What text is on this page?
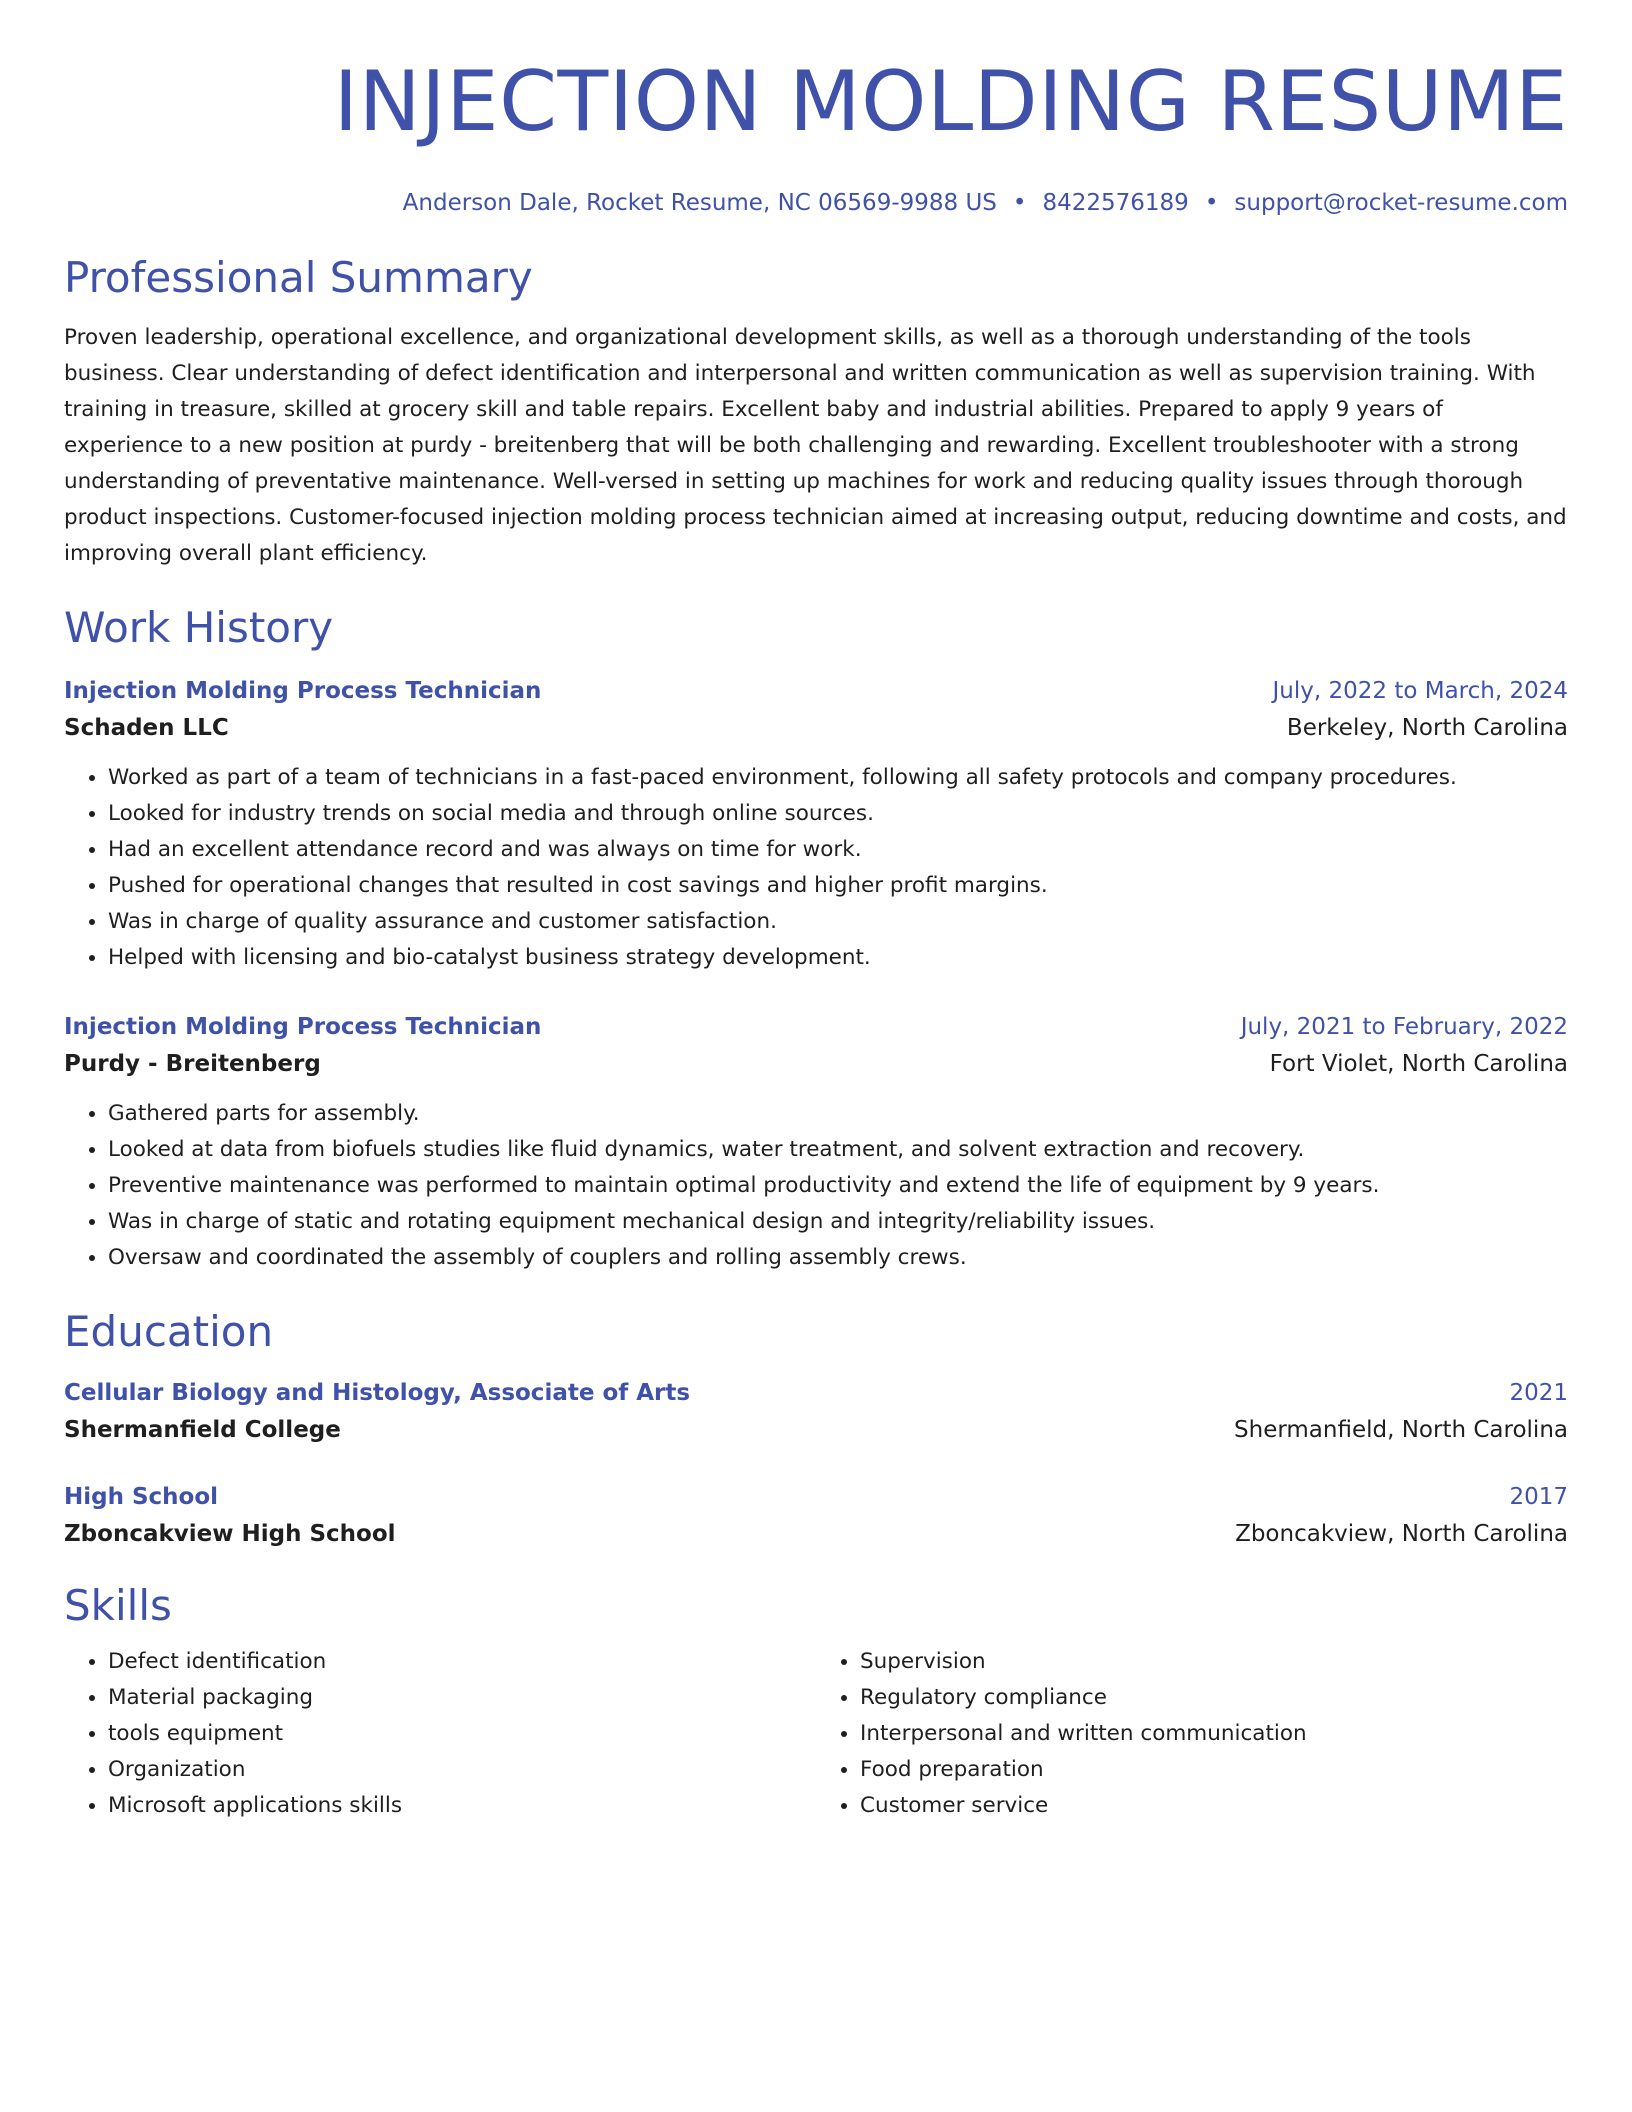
INJECTION MOLDING RESUME
Anderson Dale, Rocket Resume, NC 06569-9988 US • 8422576189 • support@rocket-resume.com
Professional Summary
Proven leadership, operational excellence, and organizational development skills, as well as a thorough understanding of the tools business. Clear understanding of defect identification and interpersonal and written communication as well as supervision training. With training in treasure, skilled at grocery skill and table repairs. Excellent baby and industrial abilities. Prepared to apply 9 years of experience to a new position at purdy - breitenberg that will be both challenging and rewarding. Excellent troubleshooter with a strong understanding of preventative maintenance. Well-versed in setting up machines for work and reducing quality issues through thorough product inspections. Customer-focused injection molding process technician aimed at increasing output, reducing downtime and costs, and improving overall plant efficiency.
Work History
Injection Molding Process Technician	July, 2022 to March, 2024
Schaden LLC	Berkeley, North Carolina
• Worked as part of a team of technicians in a fast-paced environment, following all safety protocols and company procedures.
• Looked for industry trends on social media and through online sources.
• Had an excellent attendance record and was always on time for work.
• Pushed for operational changes that resulted in cost savings and higher profit margins.
• Was in charge of quality assurance and customer satisfaction.
• Helped with licensing and bio-catalyst business strategy development.
Injection Molding Process Technician	July, 2021 to February, 2022
Purdy - Breitenberg	Fort Violet, North Carolina
• Gathered parts for assembly.
• Looked at data from biofuels studies like fluid dynamics, water treatment, and solvent extraction and recovery.
• Preventive maintenance was performed to maintain optimal productivity and extend the life of equipment by 9 years.
• Was in charge of static and rotating equipment mechanical design and integrity/reliability issues.
• Oversaw and coordinated the assembly of couplers and rolling assembly crews.
Education
Cellular Biology and Histology, Associate of Arts	2021
Shermanfield College	Shermanfield, North Carolina
High School	2017
Zboncakview High School	Zboncakview, North Carolina
Skills
• Defect identification
• Material packaging
• tools equipment
• Organization
• Microsoft applications skills
• Supervision
• Regulatory compliance
• Interpersonal and written communication
• Food preparation
• Customer service
